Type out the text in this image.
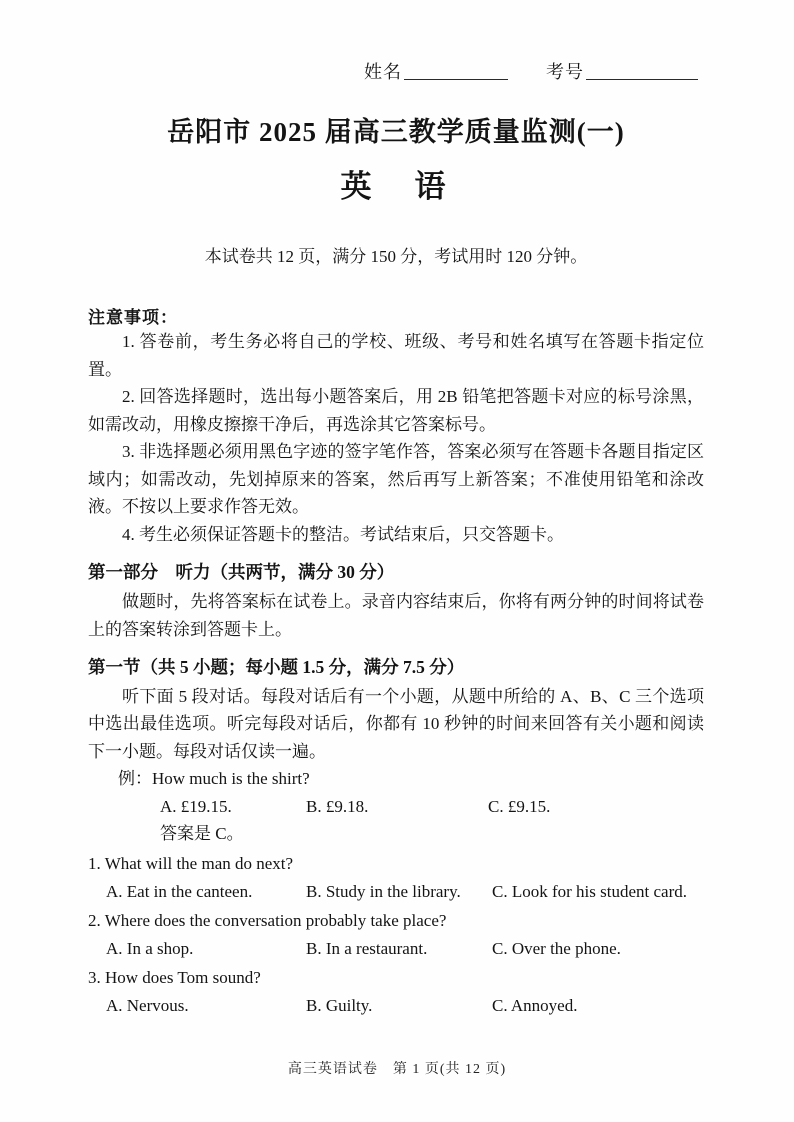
姓名	考号
岳阳市 2025 届高三教学质量监测(一)
英　语
本试卷共 12 页，满分 150 分，考试用时 120 分钟。
注意事项：

1. 答卷前，考生务必将自己的学校、班级、考号和姓名填写在答题卡指定位置。

2. 回答选择题时，选出每小题答案后，用 2B 铅笔把答题卡对应的标号涂黑，如需改动，用橡皮擦擦干净后，再选涂其它答案标号。

3. 非选择题必须用黑色字迹的签字笔作答，答案必须写在答题卡各题目指定区域内；如需改动，先划掉原来的答案，然后再写上新答案；不准使用铅笔和涂改液。不按以上要求作答无效。

4. 考生必须保证答题卡的整洁。考试结束后，只交答题卡。

第一部分　听力（共两节，满分 30 分）

做题时，先将答案标在试卷上。录音内容结束后，你将有两分钟的时间将试卷上的答案转涂到答题卡上。

第一节（共 5 小题；每小题 1.5 分，满分 7.5 分）

听下面 5 段对话。每段对话后有一个小题，从题中所给的 A、B、C 三个选项中选出最佳选项。听完每段对话后，你都有 10 秒钟的时间来回答有关小题和阅读下一小题。每段对话仅读一遍。

例：How much is the shirt?
A. £19.15.	B. £9.18.	C. £9.15.
答案是 C。
1. What will the man do next?
A. Eat in the canteen.	B. Study in the library. C. Look for his student card.
2. Where does the conversation probably take place?
A. In a shop.	B. In a restaurant.	C. Over the phone.
3. How does Tom sound?
A. Nervous.	B. Guilty.	C. Annoyed.
高三英语试卷　第 1 页(共 12 页)
